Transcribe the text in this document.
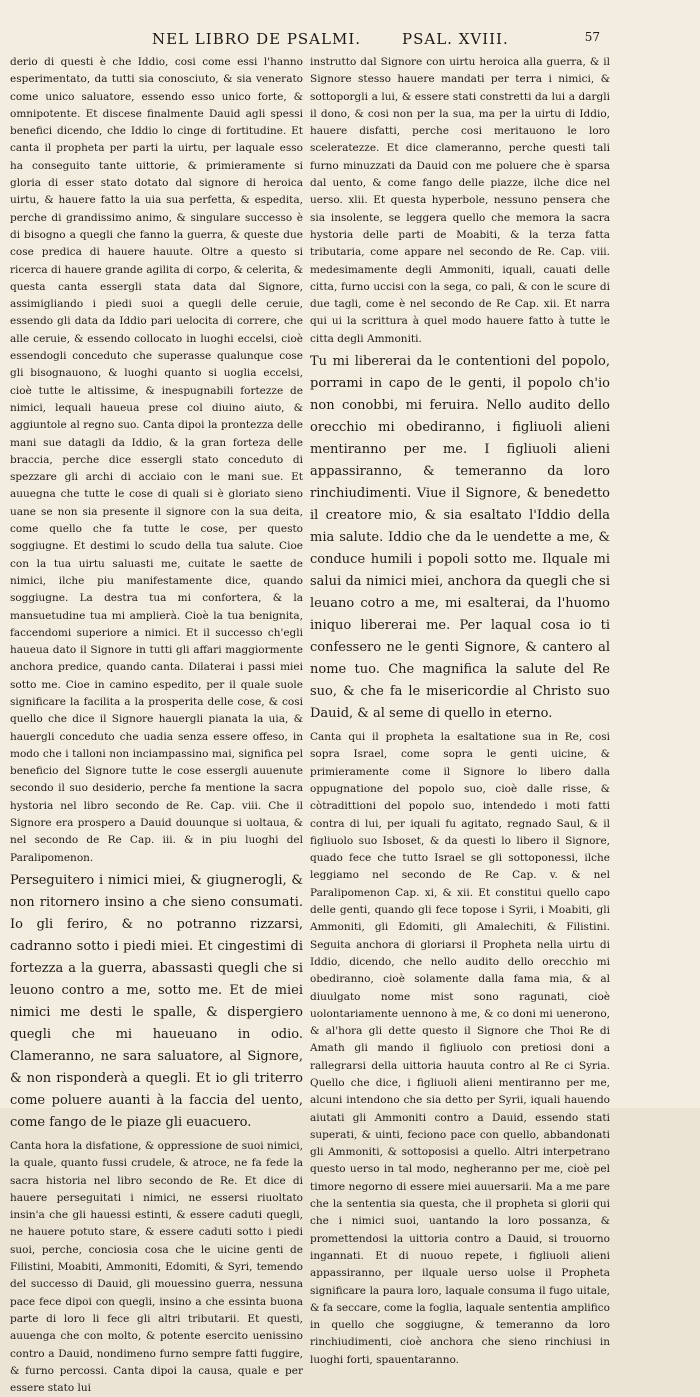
NEL LIBRO DE PSALMI.	PSAL. XVIII.	57

derio di questi è che Iddio, cosi come essi l'hanno esperimentato, da tutti sia conosciuto, & sia venerato come unico saluatore, essendo esso unico forte, & omnipotente. Et discese finalmente Dauid agli spessi benefici dicendo, che Iddio lo cinge di fortitudine. Et canta il propheta per parti la uirtu, per laquale esso ha conseguito tante uittorie, & primieramente si gloria di esser stato dotato dal signore di heroica uirtu, & hauere fatto la uia sua perfetta, & espedita, perche di grandissimo animo, & singulare successo è di bisogno a quegli che fanno la guerra, & queste due cose predica di hauere hauute. Oltre a questo si ricerca di hauere grande agilita di corpo, & celerita, & questa canta essergli stata data dal Signore, assimigliando i piedi suoi a quegli delle ceruie, essendo gli data da Iddio pari uelocita di correre, che alle ceruie, & essendo collocato in luoghi eccelsi, cioè essendogli conceduto che superasse qualunque cose gli bisognauono, & luoghi quanto si uoglia eccelsi, cioè tutte le altissime, & inespugnabili fortezze de nimici, lequali haueua prese col diuino aiuto, & aggiuntole al regno suo. Canta dipoi la prontezza delle mani sue datagli da Iddio, & la gran forteza delle braccia, perche dice essergli stato conceduto di spezzare gli archi di acciaio con le mani sue. Et auuegna che tutte le cose di quali si è gloriato sieno uane se non sia presente il signore con la sua deita, come quello che fa tutte le cose, per questo soggiugne. Et destimi lo scudo della tua salute. Cioe con la tua uirtu saluasti me, cuitate le saette de nimici, ilche piu manifestamente dice, quando soggiugne. La destra tua mi confortera, & la mansuetudine tua mi amplierà. Cioè la tua benignita, faccendomi superiore a nimici. Et il successo ch'egli haueua dato il Signore in tutti gli affari maggiormente anchora predice, quando canta. Dilaterai i passi miei sotto me. Cioe in camino espedito, per il quale suole significare la facilita a la prosperita delle cose, & cosi quello che dice il Signore hauergli pianata la uia, & hauergli conceduto che uadia senza essere offeso, in modo che i talloni non inciampassino mai, significa pel beneficio del Signore tutte le cose essergli auuenute secondo il suo desiderio, perche fa mentione la sacra hystoria nel libro secondo de Re. Cap. viii. Che il Signore era prospero a Dauid douunque si uoltaua, & nel secondo de Re Cap. iii. & in piu luoghi del Paralipomenon.

Perseguitero i nimici miei, & giugnerogli, & non ritornero insino a che sieno consumati. Io gli feriro, & no potranno rizzarsi, cadranno sotto i piedi miei. Et cingestimi di fortezza a la guerra, abassasti quegli che si leuono contro a me, sotto me. Et de miei nimici me desti le spalle, & dispergiero quegli che mi haueuano in odio. Clameranno, ne sara saluatore, al Signore, & non risponderà a quegli. Et io gli triterro come poluere auanti à la faccia del uento, come fango de le piaze gli euacuero.

Canta hora la disfatione, & oppressione de suoi nimici, la quale, quanto fussi crudele, & atroce, ne fa fede la sacra historia nel libro secondo de Re. Et dice di hauere perseguitati i nimici, ne essersi riuoltato insin'a che gli hauessi estinti, & essere caduti quegli, ne hauere potuto stare, & essere caduti sotto i piedi suoi, perche, conciosia cosa che le uicine genti de Filistini, Moabiti, Ammoniti, Edomiti, & Syri, temendo del successo di Dauid, gli mouessino guerra, nessuna pace fece dipoi con quegli, insino a che essinta buona parte di loro li fece gli altri tributarii. Et questi, auuenga che con molto, & potente esercito uenissino contro a Dauid, nondimeno furno sempre fatti fuggire, & furno percossi. Canta dipoi la causa, quale e per essere stato lui

instrutto dal Signore con uirtu heroica alla guerra, & il Signore stesso hauere mandati per terra i nimici, & sottoporgli a lui, & essere stati constretti da lui a dargli il dono, & cosi non per la sua, ma per la uirtu di Iddio, hauere disfatti, perche cosi meritauono le loro sceleratezze. Et dice clameranno, perche questi tali furno minuzzati da Dauid con me poluere che è sparsa dal uento, & come fango delle piazze, ilche dice nel uerso. xlii. Et questa hyperbole, nessuno pensera che sia insolente, se leggera quello che memora la sacra hystoria delle parti de Moabiti, & la terza fatta tributaria, come appare nel secondo de Re. Cap. viii. medesimamente degli Ammoniti, iquali, cauati delle citta, furno uccisi con la sega, co pali, & con le scure di due tagli, come è nel secondo de Re Cap. xii. Et narra qui ui la scrittura à quel modo hauere fatto à tutte le citta degli Ammoniti.

Tu mi libererai da le contentioni del popolo, porrami in capo de le genti, il popolo ch'io non conobbi, mi feruira. Nello audito dello orecchio mi obediranno, i figliuoli alieni mentiranno per me. I figliuoli alieni appassiranno, & temeranno da loro rinchiudimenti. Viue il Signore, & benedetto il creatore mio, & sia esaltato l'Iddio della mia salute. Iddio che da le uendette a me, & conduce humili i popoli sotto me. Ilquale mi salui da nimici miei, anchora da quegli che si leuano cotro a me, mi esalterai, da l'huomo iniquo libererai me. Per laqual cosa io ti confessero ne le genti Signore, & cantero al nome tuo. Che magnifica la salute del Re suo, & che fa le misericordie al Christo suo Dauid, & al seme di quello in eterno.

Canta qui il propheta la esaltatione sua in Re, cosi sopra Israel, come sopra le genti uicine, & primieramente come il Signore lo libero dalla oppugnatione del popolo suo, cioè dalle risse, & còtradittioni del popolo suo, intendedo i moti fatti contra di lui, per iquali fu agitato, regnado Saul, & il figliuolo suo Isboset, & da questi lo libero il Signore, quado fece che tutto Israel se gli sottoponessi, ilche leggiamo nel secondo de Re Cap. v. & nel Paralipomenon Cap. xi, & xii. Et constitui quello capo delle genti, quando gli fece topose i Syrii, i Moabiti, gli Ammoniti, gli Edomiti, gli Amalechiti, & Filistini. Seguita anchora di gloriarsi il Propheta nella uirtu di Iddio, dicendo, che nello audito dello orecchio mi obediranno, cioè solamente dalla fama mia, & al diuulgato nome mist sono ragunati, cioè uolontariamente uennono à me, & co doni mi uenerono, & al'hora gli dette questo il Signore che Thoi Re di Amath gli mando il figliuolo con pretiosi doni a rallegrarsi della uittoria hauuta contro al Re ci Syria. Quello che dice, i figliuoli alieni mentiranno per me, alcuni intendono che sia detto per Syrii, iquali hauendo aiutati gli Ammoniti contro a Dauid, essendo stati superati, & uinti, feciono pace con quello, abbandonati gli Ammoniti, & sottoposisi a quello. Altri interpetrano questo uerso in tal modo, negheranno per me, cioè pel timore negorno di essere miei auuersarii. Ma a me pare che la sententia sia questa, che il propheta si glorii qui che i nimici suoi, uantando la loro possanza, & promettendosi la uittoria contro a Dauid, si trouorno ingannati. Et di nuouo repete, i figliuoli alieni appassiranno, per ilquale uerso uolse il Propheta significare la paura loro, laquale consuma il fugo uitale, & fa seccare, come la foglia, laquale sententia amplifico in quello che soggiugne, & temeranno da loro rinchiudimenti, cioè anchora che sieno rinchiusi in luoghi forti, spauentaranno.
